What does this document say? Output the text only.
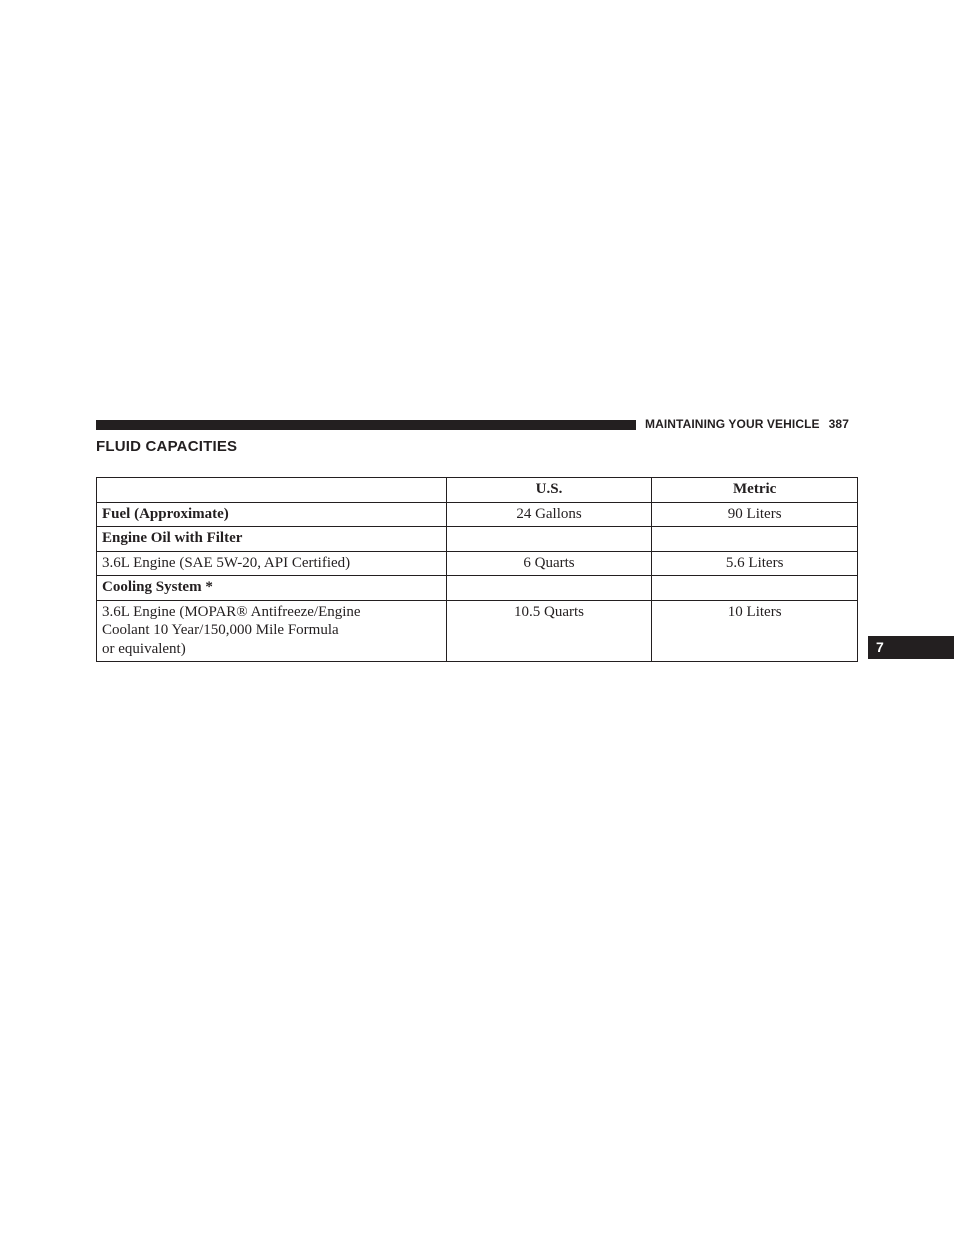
MAINTAINING YOUR VEHICLE 387
FLUID CAPACITIES
	U.S.	Metric
Fuel (Approximate)	24 Gallons	90 Liters
Engine Oil with Filter		
3.6L Engine (SAE 5W-20, API Certified)	6 Quarts	5.6 Liters
Cooling System *		

3.6L Engine (MOPAR® Antifreeze/Engine
Coolant 10 Year/150,000 Mile Formula
or equivalent)	10.5 Quarts	10 Liters
7
